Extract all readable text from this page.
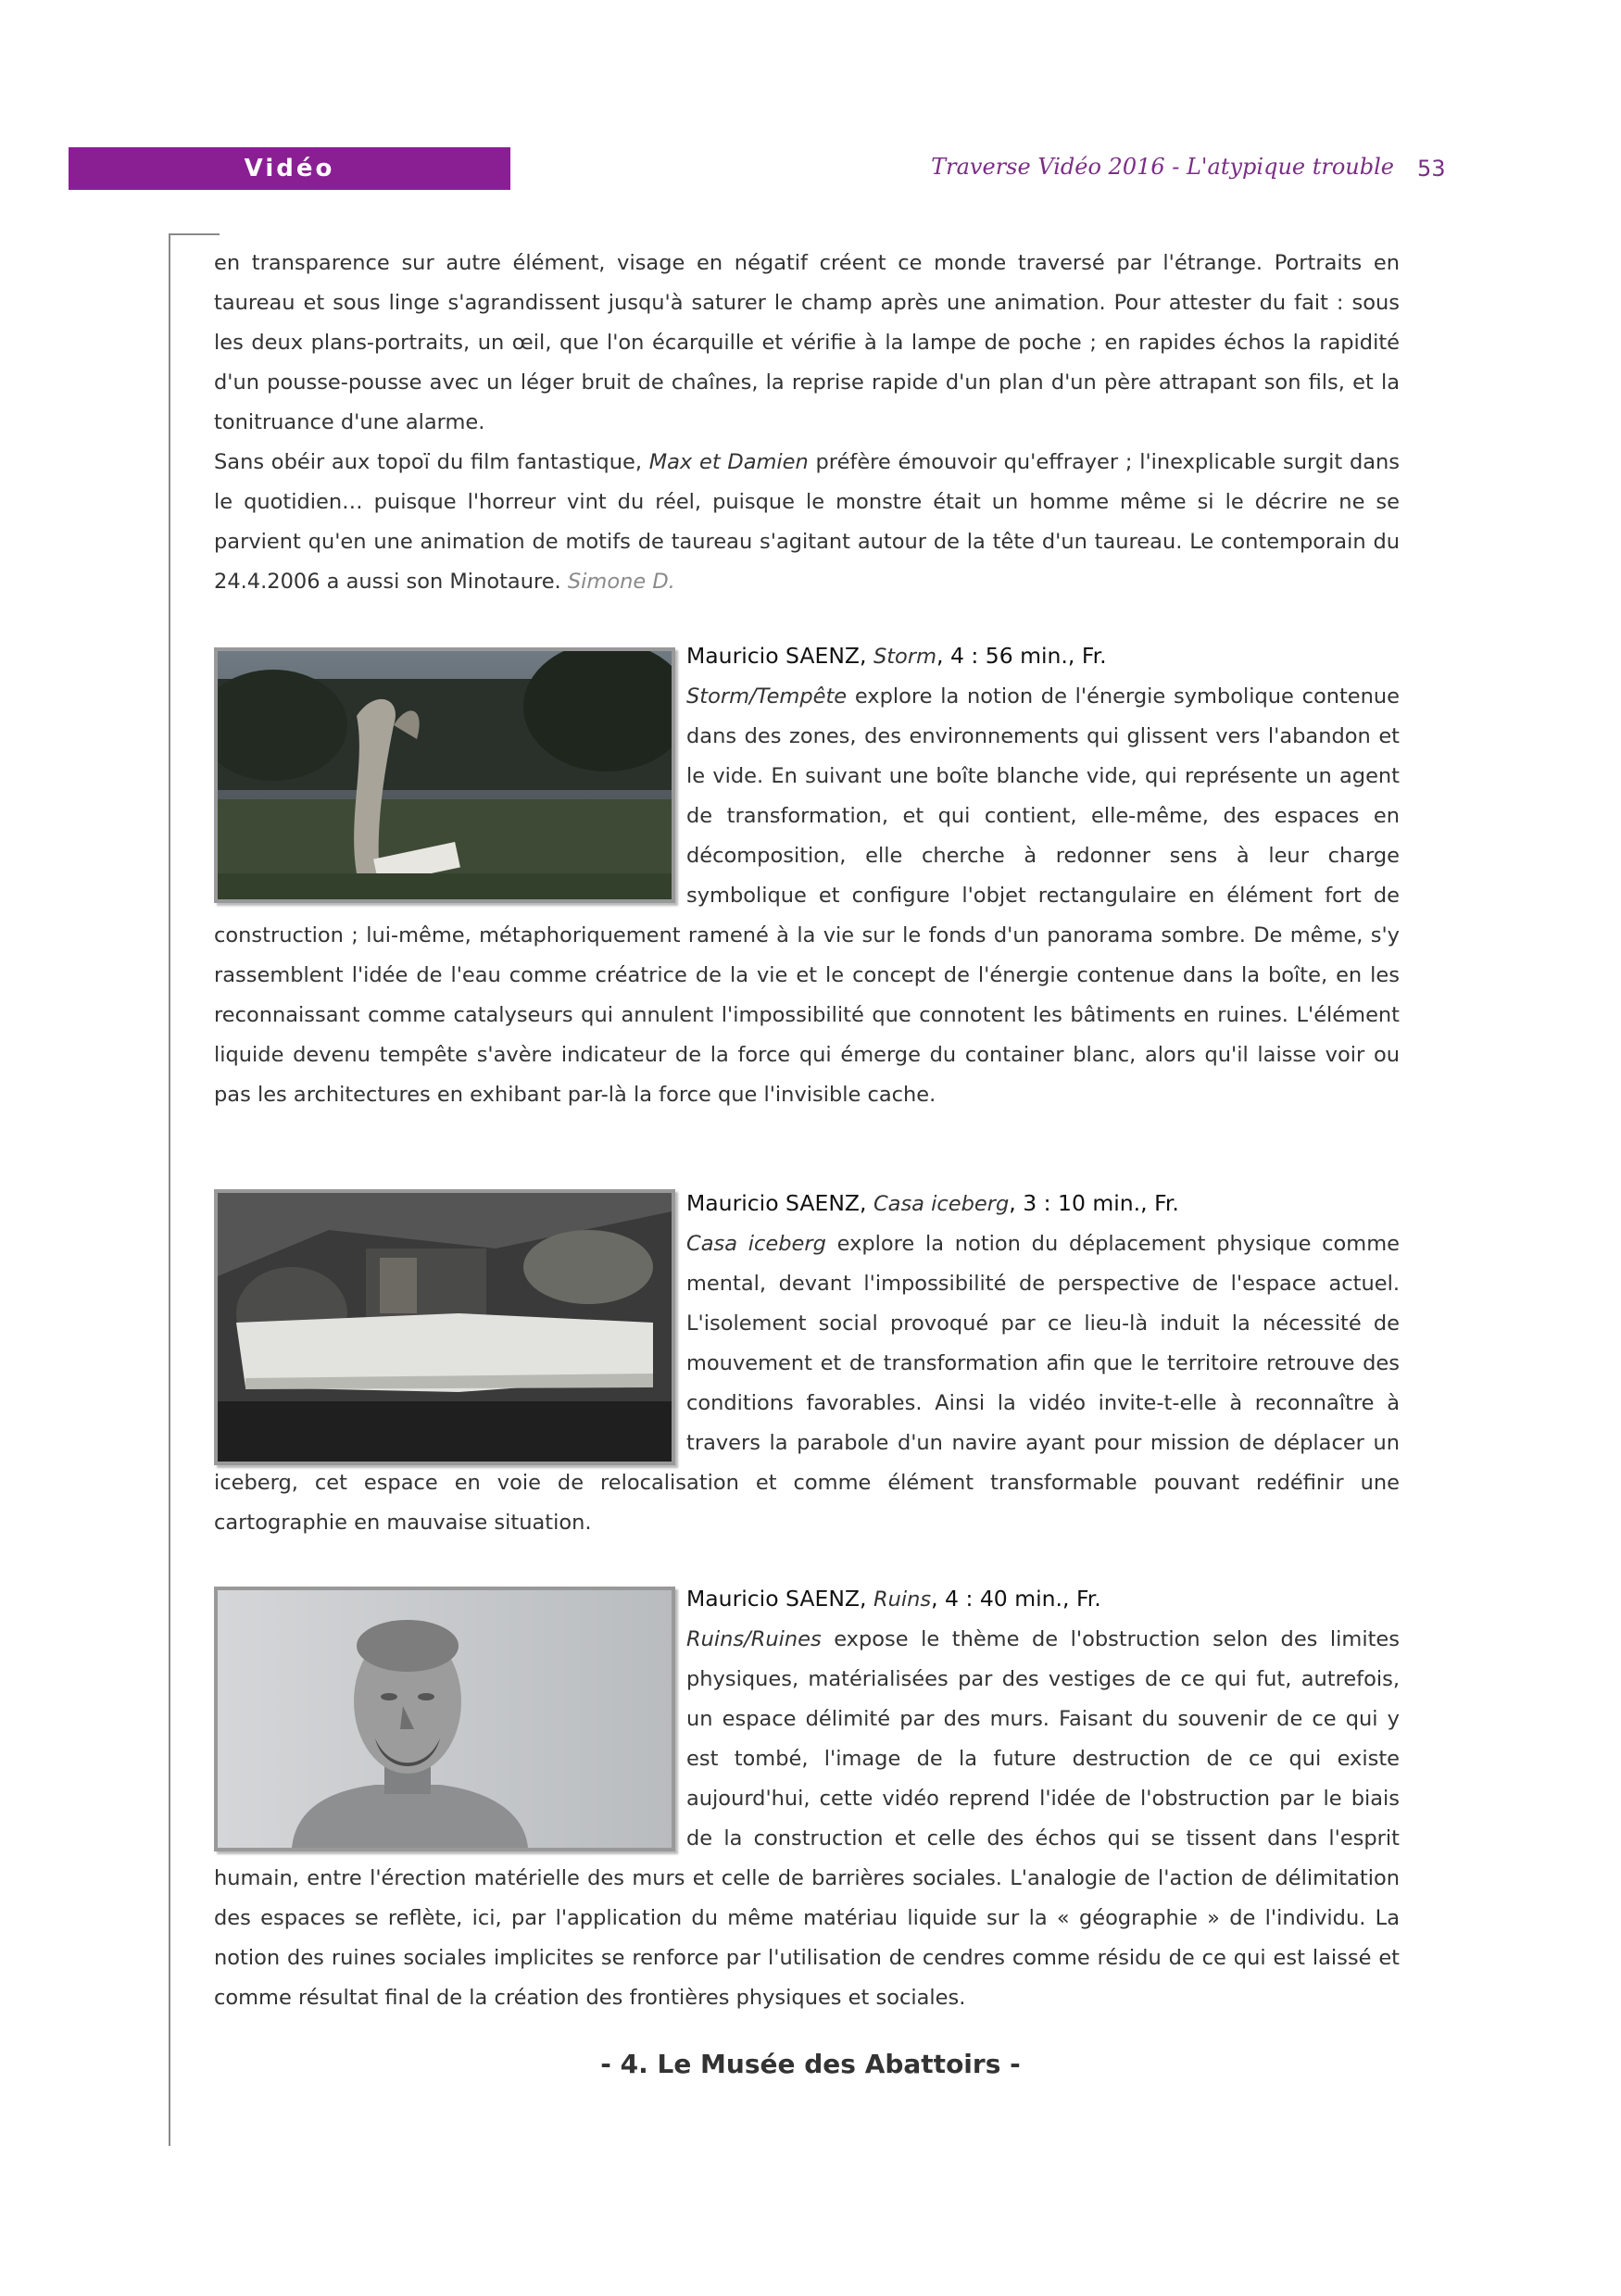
Vidéo	Traverse Vidéo 2016 - L'atypique trouble 53

en transparence sur autre élément, visage en négatif créent ce monde traversé par l'étrange. Portraits en taureau et sous linge s'agrandissent jusqu'à saturer le champ après une animation. Pour attester du fait : sous les deux plans-portraits, un œil, que l'on écarquille et vérifie à la lampe de poche ; en rapides échos la rapidité d'un pousse-pousse avec un léger bruit de chaînes, la reprise rapide d'un plan d'un père attrapant son fils, et la tonitruance d'une alarme.

Sans obéir aux topoï du film fantastique, Max et Damien préfère émouvoir qu'effrayer ; l'inexplicable surgit dans le quotidien… puisque l'horreur vint du réel, puisque le monstre était un homme même si le décrire ne se parvient qu'en une animation de motifs de taureau s'agitant autour de la tête d'un taureau. Le contemporain du 24.4.2006 a aussi son Minotaure. Simone D.

Mauricio SAENZ, Storm, 4 : 56 min., Fr.

Storm/Tempête explore la notion de l'énergie symbolique contenue dans des zones, des environnements qui glissent vers l'abandon et le vide. En suivant une boîte blanche vide, qui représente un agent de transformation, et qui contient, elle-même, des espaces en décomposition, elle cherche à redonner sens à leur charge symbolique et configure l'objet rectangulaire en élément fort de construction ; lui-même, métaphoriquement ramené à la vie sur le fonds d'un panorama sombre. De même, s'y rassemblent l'idée de l'eau comme créatrice de la vie et le concept de l'énergie contenue dans la boîte, en les reconnaissant comme catalyseurs qui annulent l'impossibilité que connotent les bâtiments en ruines. L'élément liquide devenu tempête s'avère indicateur de la force qui émerge du container blanc, alors qu'il laisse voir ou pas les architectures en exhibant par-là la force que l'invisible cache.

Mauricio SAENZ, Casa iceberg, 3 : 10 min., Fr.

Casa iceberg explore la notion du déplacement physique comme mental, devant l'impossibilité de perspective de l'espace actuel. L'isolement social provoqué par ce lieu-là induit la nécessité de mouvement et de transformation afin que le territoire retrouve des conditions favorables. Ainsi la vidéo invite-t-elle à reconnaître à travers la parabole d'un navire ayant pour mission de déplacer un iceberg, cet espace en voie de relocalisation et comme élément transformable pouvant redéfinir une cartographie en mauvaise situation.

Mauricio SAENZ, Ruins, 4 : 40 min., Fr.

Ruins/Ruines expose le thème de l'obstruction selon des limites physiques, matérialisées par des vestiges de ce qui fut, autrefois, un espace délimité par des murs. Faisant du souvenir de ce qui y est tombé, l'image de la future destruction de ce qui existe aujourd'hui, cette vidéo reprend l'idée de l'obstruction par le biais de la construction et celle des échos qui se tissent dans l'esprit humain, entre l'érection matérielle des murs et celle de barrières sociales. L'analogie de l'action de délimitation des espaces se reflète, ici, par l'application du même matériau liquide sur la « géographie » de l'individu. La notion des ruines sociales implicites se renforce par l'utilisation de cendres comme résidu de ce qui est laissé et comme résultat final de la création des frontières physiques et sociales.

- 4. Le Musée des Abattoirs -
